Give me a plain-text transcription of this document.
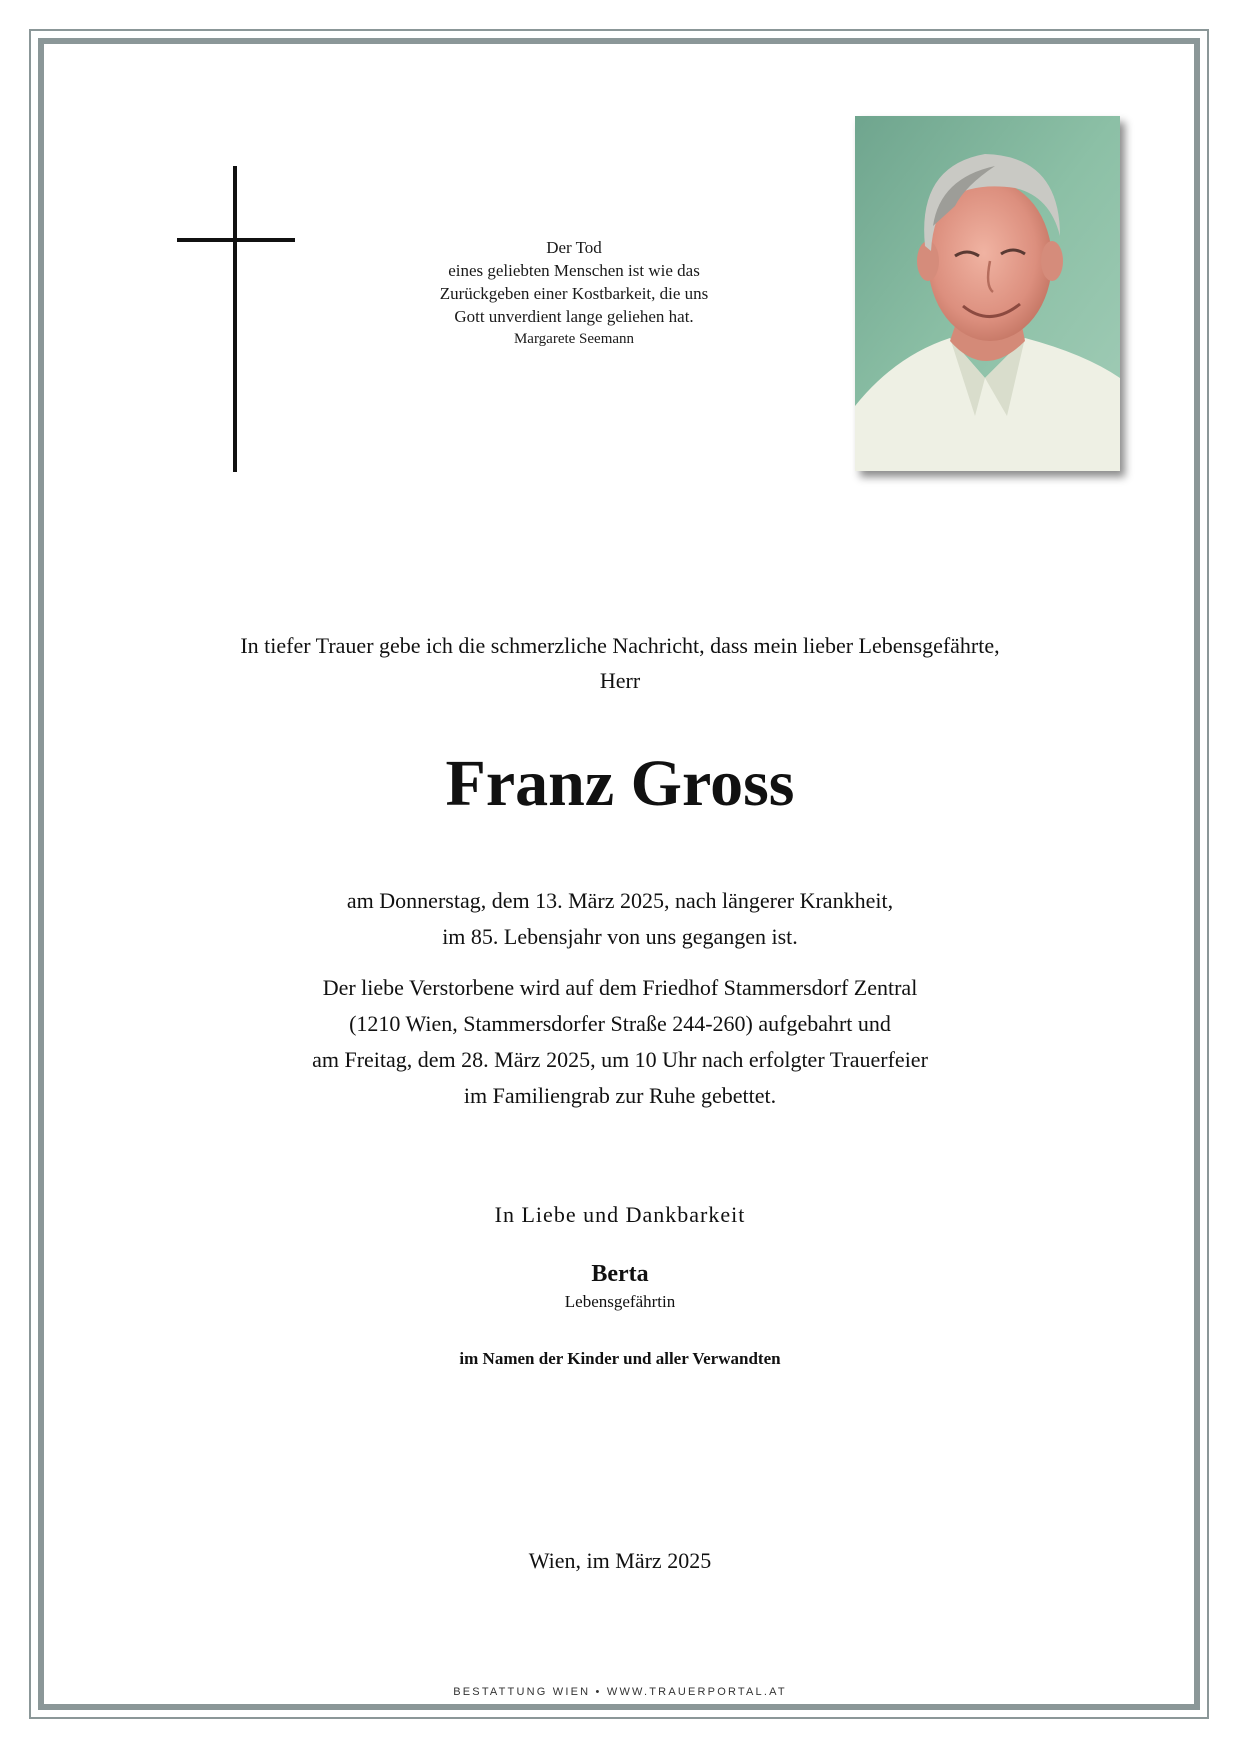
Der Tod
eines geliebten Menschen ist wie das
Zurückgeben einer Kostbarkeit, die uns
Gott unverdient lange geliehen hat.
Margarete Seemann
In tiefer Trauer gebe ich die schmerzliche Nachricht, dass mein lieber Lebensgefährte,
Herr
Franz Gross
am Donnerstag, dem 13. März 2025, nach längerer Krankheit,
im 85. Lebensjahr von uns gegangen ist.
Der liebe Verstorbene wird auf dem Friedhof Stammersdorf Zentral
(1210 Wien, Stammersdorfer Straße 244-260) aufgebahrt und
am Freitag, dem 28. März 2025, um 10 Uhr nach erfolgter Trauerfeier
im Familiengrab zur Ruhe gebettet.
In Liebe und Dankbarkeit
Berta
Lebensgefährtin
im Namen der Kinder und aller Verwandten
Wien, im März 2025
BESTATTUNG WIEN • WWW.TRAUERPORTAL.AT
